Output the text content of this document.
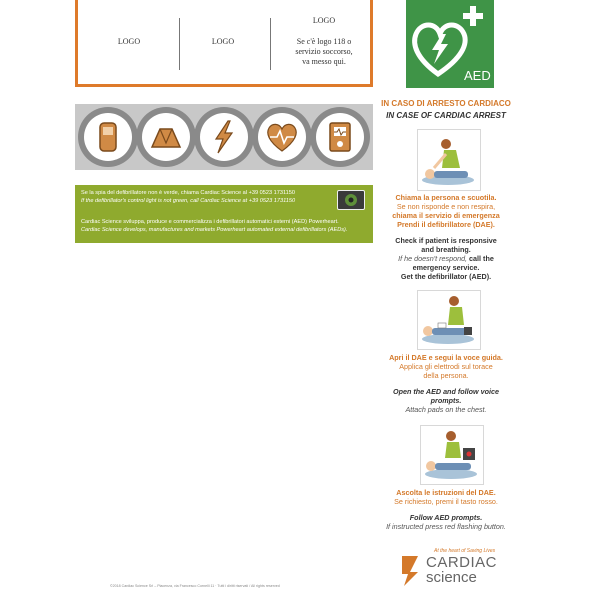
LOGO	LOGO
LOGO
Se c'è logo 118 o
servizio soccorso,
va messo qui.
AED
Se la spia del defibrillatore non è verde, chiama Cardiac Science al +39 0523 1731150
If the defibrillator's control light is not green, call Cardiac Science at +39 0523 1731150
Cardiac Science sviluppa, produce e commercializza i defibrillatori automatici esterni (AED) Powerheart.
Cardiac Science develops, manufactures and markets Powerheart automated external defibrillators (AEDs).
IN CASO DI ARRESTO CARDIACO
IN CASE OF CARDIAC ARREST
Chiama la persona e scuotila.
Se non risponde e non respira,
chiama il servizio di emergenza
Prendi il defibrillatore (DAE).
Check if patient is responsive
and breathing.
If he doesn't respond, call the
emergency service.
Get the defibrillator (AED).
Apri il DAE e segui la voce guida.
Applica gli elettrodi sul torace
della persona.
Open the AED and follow voice
prompts.
Attach pads on the chest.
Ascolta le istruzioni del DAE.
Se richiesto, premi il tasto rosso.
Follow AED prompts.
If instructed press red flashing button.
At the heart of Saving Lives
CARDIAC
science
©2018 Cardiac Science Srl – Piacenza, via Francesco Cornelli 11 · Tutti i diritti riservati / All rights reserved
